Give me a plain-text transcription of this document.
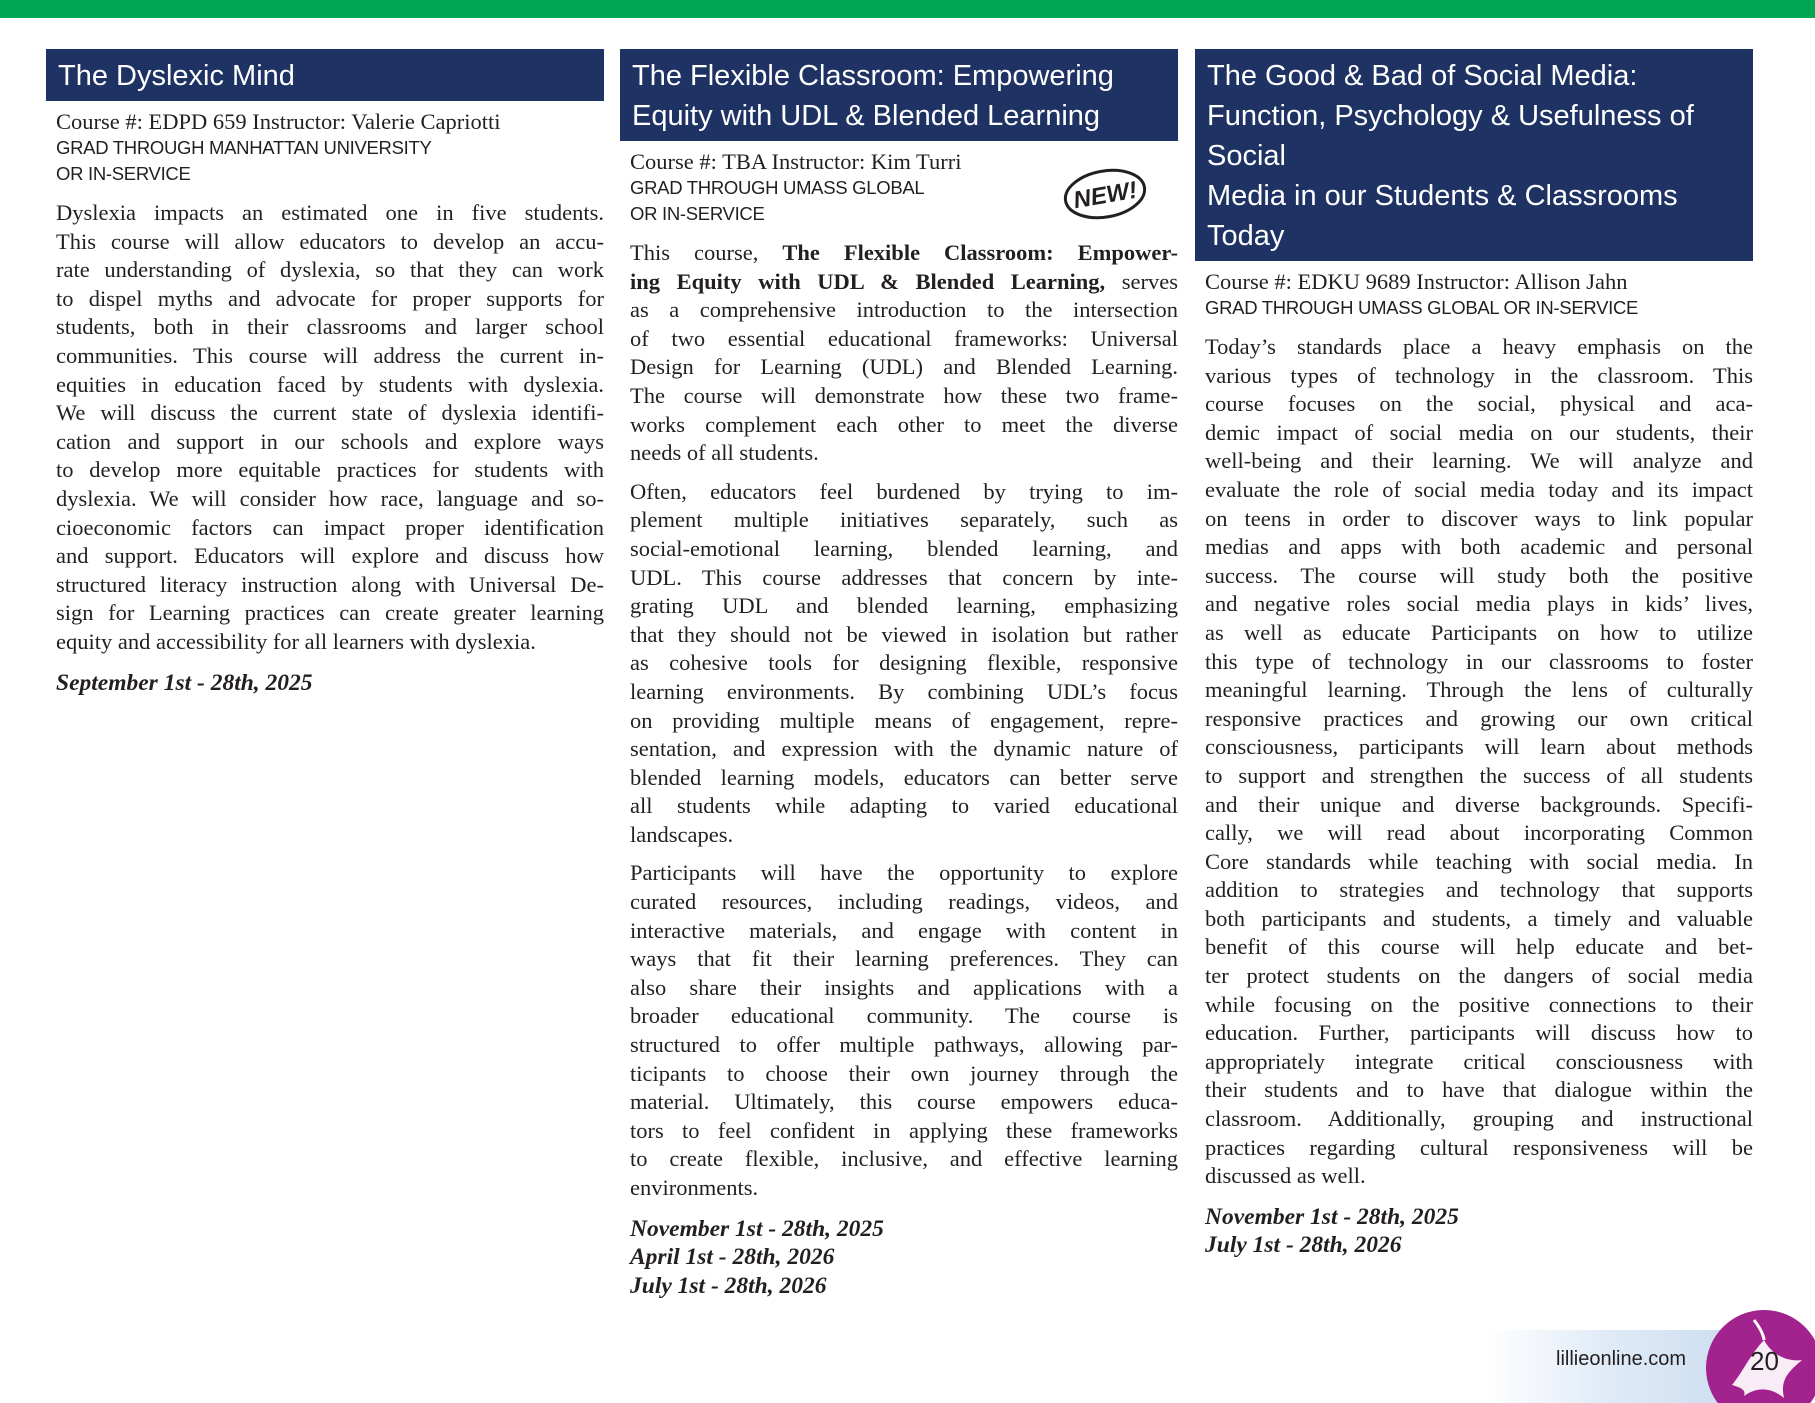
The Dyslexic Mind
Course #: EDPD 659 Instructor: Valerie Capriotti
GRAD THROUGH MANHATTAN UNIVERSITY
OR IN-SERVICE

Dyslexia impacts an estimated one in five students.
This course will allow educators to develop an accu-
rate understanding of dyslexia, so that they can work
to dispel myths and advocate for proper supports for
students, both in their classrooms and larger school
communities. This course will address the current in-
equities in education faced by students with dyslexia.
We will discuss the current state of dyslexia identifi-
cation and support in our schools and explore ways
to develop more equitable practices for students with
dyslexia. We will consider how race, language and so-
cioeconomic factors can impact proper identification
and support. Educators will explore and discuss how
structured literacy instruction along with Universal De-
sign for Learning practices can create greater learning
equity and accessibility for all learners with dyslexia.

September 1st - 28th, 2025
The Flexible Classroom: Empowering
Equity with UDL & Blended Learning
NEW!
Course #: TBA Instructor: Kim Turri
GRAD THROUGH UMASS GLOBAL
OR IN-SERVICE

This course, The Flexible Classroom: Empower-
ing Equity with UDL & Blended Learning, serves
as a comprehensive introduction to the intersection
of two essential educational frameworks: Universal
Design for Learning (UDL) and Blended Learning.
The course will demonstrate how these two frame-
works complement each other to meet the diverse
needs of all students.

Often, educators feel burdened by trying to im-
plement multiple initiatives separately, such as
social-emotional learning, blended learning, and
UDL. This course addresses that concern by inte-
grating UDL and blended learning, emphasizing
that they should not be viewed in isolation but rather
as cohesive tools for designing flexible, responsive
learning environments. By combining UDL’s focus
on providing multiple means of engagement, repre-
sentation, and expression with the dynamic nature of
blended learning models, educators can better serve
all students while adapting to varied educational
landscapes.

Participants will have the opportunity to explore
curated resources, including readings, videos, and
interactive materials, and engage with content in
ways that fit their learning preferences. They can
also share their insights and applications with a
broader educational community. The course is
structured to offer multiple pathways, allowing par-
ticipants to choose their own journey through the
material. Ultimately, this course empowers educa-
tors to feel confident in applying these frameworks
to create flexible, inclusive, and effective learning
environments.

November 1st - 28th, 2025
April 1st - 28th, 2026
July 1st - 28th, 2026
The Good & Bad of Social Media:
Function, Psychology & Usefulness of Social
Media in our Students & Classrooms Today
Course #: EDKU 9689 Instructor: Allison Jahn
GRAD THROUGH UMASS GLOBAL OR IN-SERVICE

Today’s standards place a heavy emphasis on the
various types of technology in the classroom. This
course focuses on the social, physical and aca-
demic impact of social media on our students, their
well-being and their learning. We will analyze and
evaluate the role of social media today and its impact
on teens in order to discover ways to link popular
medias and apps with both academic and personal
success. The course will study both the positive
and negative roles social media plays in kids’ lives,
as well as educate Participants on how to utilize
this type of technology in our classrooms to foster
meaningful learning. Through the lens of culturally
responsive practices and growing our own critical
consciousness, participants will learn about methods
to support and strengthen the success of all students
and their unique and diverse backgrounds. Specifi-
cally, we will read about incorporating Common
Core standards while teaching with social media. In
addition to strategies and technology that supports
both participants and students, a timely and valuable
benefit of this course will help educate and bet-
ter protect students on the dangers of social media
while focusing on the positive connections to their
education. Further, participants will discuss how to
appropriately integrate critical consciousness with
their students and to have that dialogue within the
classroom. Additionally, grouping and instructional
practices regarding cultural responsiveness will be
discussed as well.

November 1st - 28th, 2025
July 1st - 28th, 2026
lillieonline.com 20
